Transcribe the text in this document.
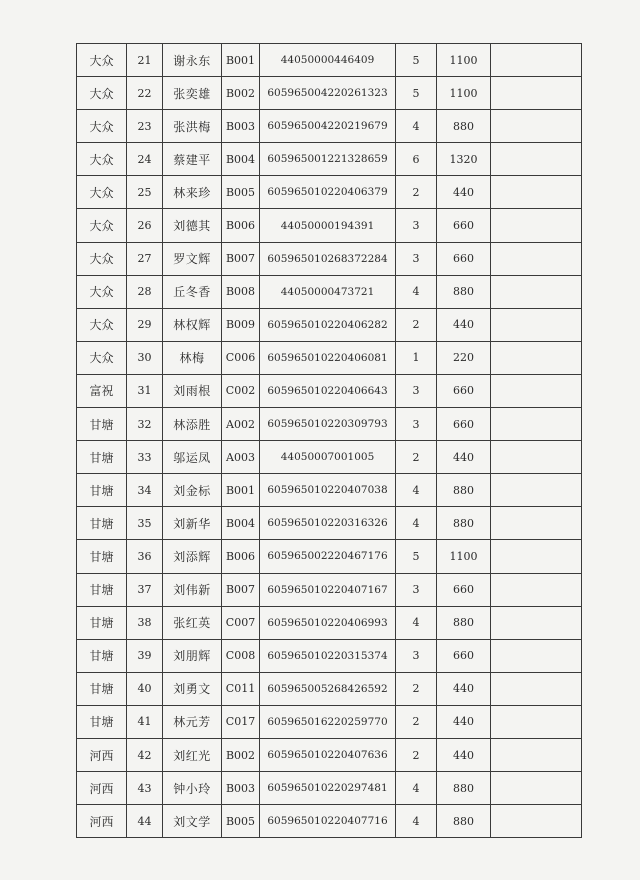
大众	21	谢永东	B001	44050000446409	5	1100	
大众	22	张奕雄	B002	605965004220261323	5	1100	
大众	23	张洪梅	B003	605965004220219679	4	880	
大众	24	蔡建平	B004	605965001221328659	6	1320	
大众	25	林来珍	B005	605965010220406379	2	440	
大众	26	刘德其	B006	44050000194391	3	660	
大众	27	罗文辉	B007	605965010268372284	3	660	
大众	28	丘冬香	B008	44050000473721	4	880	
大众	29	林权辉	B009	605965010220406282	2	440	
大众	30	林梅	C006	605965010220406081	1	220	
富祝	31	刘雨根	C002	605965010220406643	3	660	
甘塘	32	林添胜	A002	605965010220309793	3	660	
甘塘	33	邬运凤	A003	44050007001005	2	440	
甘塘	34	刘金标	B001	605965010220407038	4	880	
甘塘	35	刘新华	B004	605965010220316326	4	880	
甘塘	36	刘添辉	B006	605965002220467176	5	1100	
甘塘	37	刘伟新	B007	605965010220407167	3	660	
甘塘	38	张红英	C007	605965010220406993	4	880	
甘塘	39	刘朋辉	C008	605965010220315374	3	660	
甘塘	40	刘勇文	C011	605965005268426592	2	440	
甘塘	41	林元芳	C017	605965016220259770	2	440	
河西	42	刘红光	B002	605965010220407636	2	440	
河西	43	钟小玲	B003	605965010220297481	4	880	
河西	44	刘文学	B005	605965010220407716	4	880	
